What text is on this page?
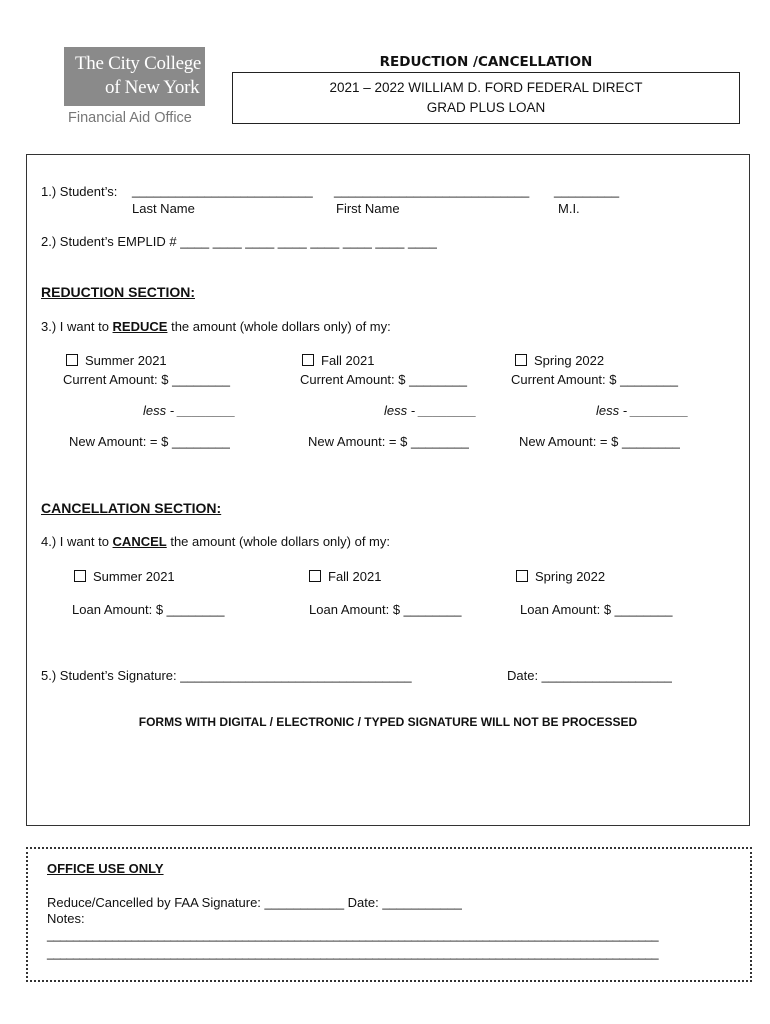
The City College
of New York
Financial Aid Office
REDUCTION /CANCELLATION
2021 – 2022 WILLIAM D. FORD FEDERAL DIRECT
GRAD PLUS LOAN
1.) Student’s: _________________________ ___________________________ _________
Last Name	First Name	M.I.
2.) Student’s EMPLID # ____ ____ ____ ____ ____ ____ ____ ____
REDUCTION SECTION:
3.) I want to REDUCE the amount (whole dollars only) of my:
Summer 2021
Current Amount: $ ________
less - ________
New Amount: = $ ________
Fall 2021
Current Amount: $ ________
less - ________
New Amount: = $ ________
Spring 2022
Current Amount: $ ________
less - ________
New Amount: = $ ________
CANCELLATION SECTION:
4.) I want to CANCEL the amount (whole dollars only) of my:
Summer 2021
Loan Amount: $ ________
Fall 2021
Loan Amount: $ ________
Spring 2022
Loan Amount: $ ________
5.) Student’s Signature: ________________________________	Date: __________________
FORMS WITH DIGITAL / ELECTRONIC / TYPED SIGNATURE WILL NOT BE PROCESSED
OFFICE USE ONLY
Reduce/Cancelled by FAA Signature: ___________ Date: ___________
Notes:
______________________________________________________________________________________________
______________________________________________________________________________________________
